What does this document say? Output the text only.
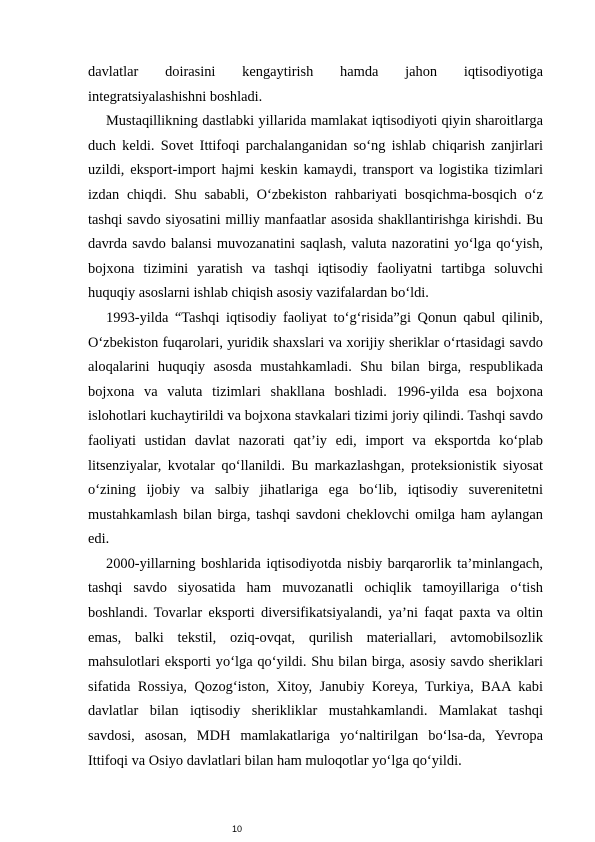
davlatlar doirasini kengaytirish hamda jahon iqtisodiyotiga integratsiyalashishni boshladi.

Mustaqillikning dastlabki yillarida mamlakat iqtisodiyoti qiyin sharoitlarga duch keldi. Sovet Ittifoqi parchalanganidan so‘ng ishlab chiqarish zanjirlari uzildi, eksport-import hajmi keskin kamaydi, transport va logistika tizimlari izdan chiqdi. Shu sababli, O‘zbekiston rahbariyati bosqichma-bosqich o‘z tashqi savdo siyosatini milliy manfaatlar asosida shakllantirishga kirishdi. Bu davrda savdo balansi muvozanatini saqlash, valuta nazoratini yo‘lga qo‘yish, bojxona tizimini yaratish va tashqi iqtisodiy faoliyatni tartibga soluvchi huquqiy asoslarni ishlab chiqish asosiy vazifalardan bo‘ldi.

1993-yilda “Tashqi iqtisodiy faoliyat to‘g‘risida”gi Qonun qabul qilinib, O‘zbekiston fuqarolari, yuridik shaxslari va xorijiy sheriklar o‘rtasidagi savdo aloqalarini huquqiy asosda mustahkamladi. Shu bilan birga, respublikada bojxona va valuta tizimlari shakllana boshladi. 1996-yilda esa bojxona islohotlari kuchaytirildi va bojxona stavkalari tizimi joriy qilindi. Tashqi savdo faoliyati ustidan davlat nazorati qat’iy edi, import va eksportda ko‘plab litsenziyalar, kvotalar qo‘llanildi. Bu markazlashgan, proteksionistik siyosat o‘zining ijobiy va salbiy jihatlariga ega bo‘lib, iqtisodiy suverenitetni mustahkamlash bilan birga, tashqi savdoni cheklovchi omilga ham aylangan edi.

2000-yillarning boshlarida iqtisodiyotda nisbiy barqarorlik ta’minlangach, tashqi savdo siyosatida ham muvozanatli ochiqlik tamoyillariga o‘tish boshlandi. Tovarlar eksporti diversifikatsiyalandi, ya’ni faqat paxta va oltin emas, balki tekstil, oziq-ovqat, qurilish materiallari, avtomobilsozlik mahsulotlari eksporti yo‘lga qo‘yildi. Shu bilan birga, asosiy savdo sheriklari sifatida Rossiya, Qozog‘iston, Xitoy, Janubiy Koreya, Turkiya, BAA kabi davlatlar bilan iqtisodiy sherikliklar mustahkamlandi. Mamlakat tashqi savdosi, asosan, MDH mamlakatlariga yo‘naltirilgan bo‘lsa-da, Yevropa Ittifoqi va Osiyo davlatlari bilan ham muloqotlar yo‘lga qo‘yildi.

10
